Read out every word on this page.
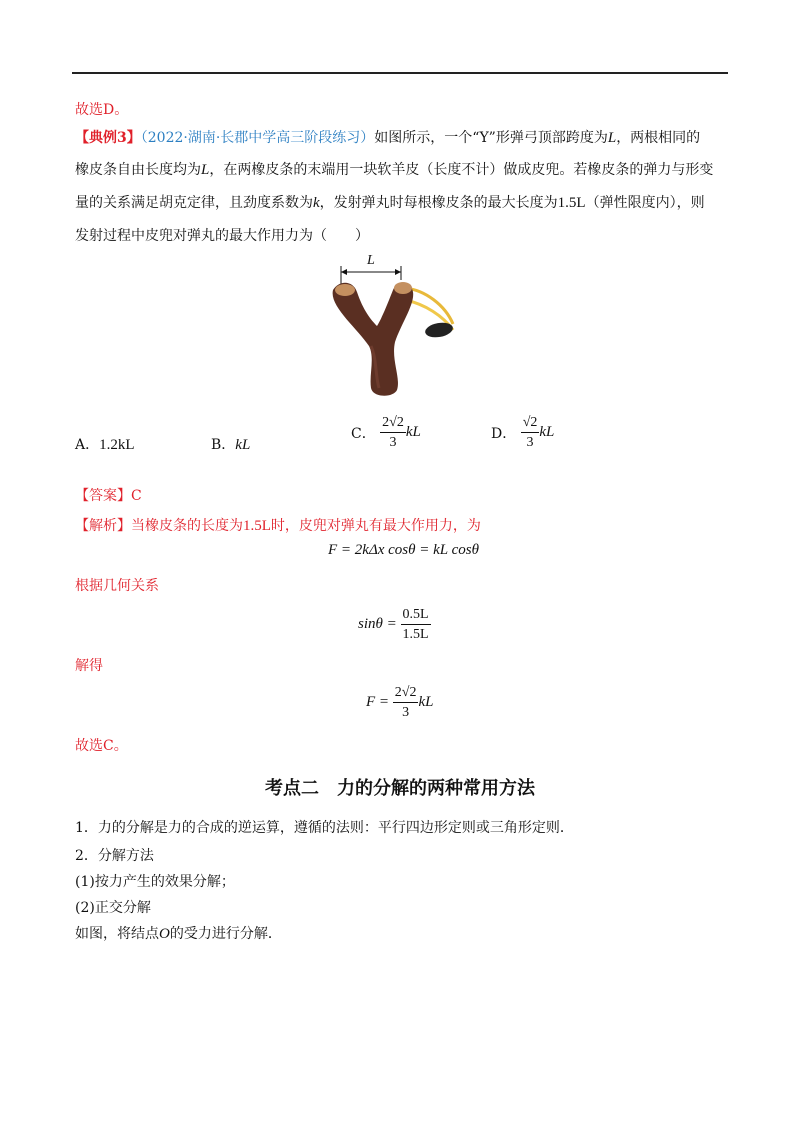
故选D。
【典例3】（2022·湖南·长郡中学高三阶段练习）如图所示，一个“Y”形弹弓顶部跨度为L，两根相同的
橡皮条自由长度均为L，在两橡皮条的末端用一块软羊皮（长度不计）做成皮兜。若橡皮条的弹力与形变
量的关系满足胡克定律，且劲度系数为k，发射弹丸时每根橡皮条的最大长度为1.5L（弹性限度内），则
发射过程中皮兜对弹丸的最大作用力为（　　）
L
A．1.2kL	B．kL
C． $\frac{2√2}{3}$ kL	D． $\frac{√2}{3}$ kL
【答案】C
【解析】当橡皮条的长度为1.5L时，皮兜对弹丸有最大作用力，为
F = 2kΔx cosθ = kL cosθ
根据几何关系
$\sin\theta = \frac{0.5L}{1.5L}$
解得
$F = \frac{2√2}{3}$ kL
故选C。
考点二　力的分解的两种常用方法
1．力的分解是力的合成的逆运算，遵循的法则：平行四边形定则或三角形定则．
2．分解方法
(1)按力产生的效果分解；
(2)正交分解
如图，将结点O的受力进行分解．
